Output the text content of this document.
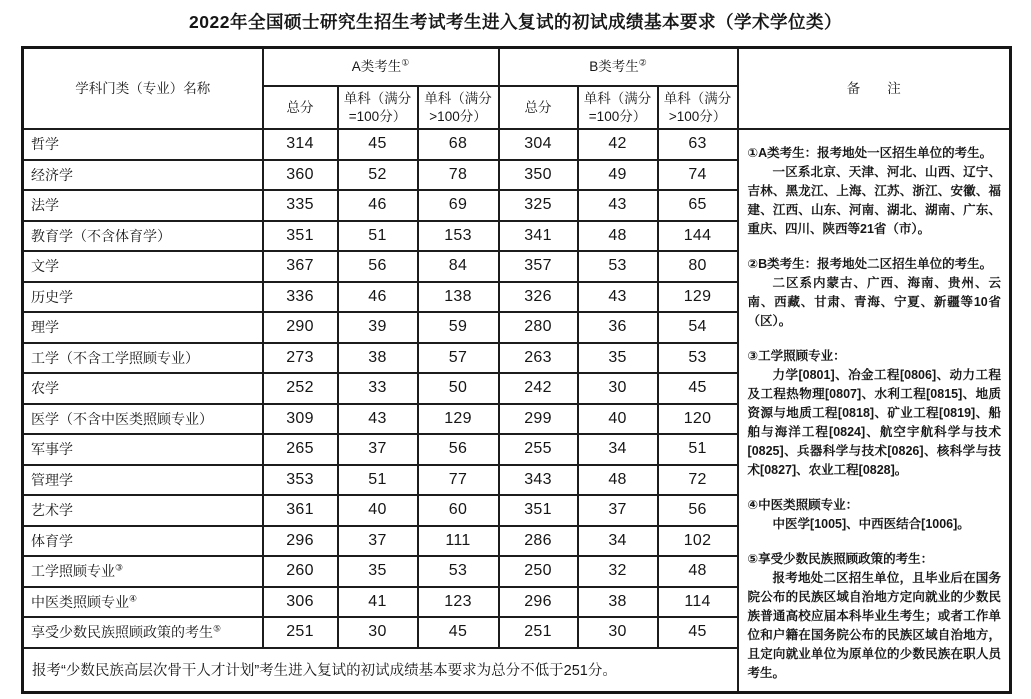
2022年全国硕士研究生招生考试考生进入复试的初试成绩基本要求（学术学位类）
学科门类（专业）名称	A类考生①			B类考生②			备　　注
	总分	单科（满分=100分）	单科（满分>100分）	总分	单科（满分=100分）	单科（满分>100分）	
哲学	314	45	68	304	42	63	

①A类考生：报考地处一区招生单位的考生。

一区系北京、天津、河北、山西、辽宁、吉林、黑龙江、上海、江苏、浙江、安徽、福建、江西、山东、河南、湖北、湖南、广东、重庆、四川、陕西等21省（市）。

②B类考生：报考地处二区招生单位的考生。

二区系内蒙古、广西、海南、贵州、云南、西藏、甘肃、青海、宁夏、新疆等10省（区）。

③工学照顾专业：

力学[0801]、冶金工程[0806]、动力工程及工程热物理[0807]、水利工程[0815]、地质资源与地质工程[0818]、矿业工程[0819]、船舶与海洋工程[0824]、航空宇航科学与技术[0825]、兵器科学与技术[0826]、核科学与技术[0827]、农业工程[0828]。

④中医类照顾专业：

中医学[1005]、中西医结合[1006]。

⑤享受少数民族照顾政策的考生：

报考地处二区招生单位，且毕业后在国务院公布的民族区域自治地方定向就业的少数民族普通高校应届本科毕业生考生；或者工作单位和户籍在国务院公布的民族区域自治地方，且定向就业单位为原单位的少数民族在职人员考生。

经济学	360	52	78	350	49	74	
法学	335	46	69	325	43	65	
教育学（不含体育学）	351	51	153	341	48	144	
文学	367	56	84	357	53	80	
历史学	336	46	138	326	43	129	
理学	290	39	59	280	36	54	
工学（不含工学照顾专业）	273	38	57	263	35	53	
农学	252	33	50	242	30	45	
医学（不含中医类照顾专业）	309	43	129	299	40	120	
军事学	265	37	56	255	34	51	
管理学	353	51	77	343	48	72	
艺术学	361	40	60	351	37	56	
体育学	296	37	111	286	34	102	
工学照顾专业③	260	35	53	250	32	48	
中医类照顾专业④	306	41	123	296	38	114	
享受少数民族照顾政策的考生⑤	251	30	45	251	30	45	
报考“少数民族高层次骨干人才计划”考生进入复试的初试成绩基本要求为总分不低于251分。							
